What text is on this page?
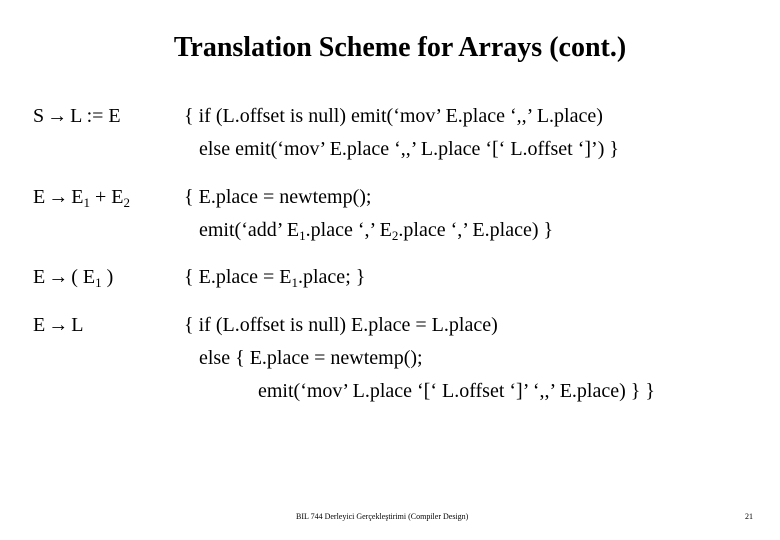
Translation Scheme for Arrays (cont.)
S → L := E	{ if (L.offset is null) emit(‘mov’ E.place ‘,,’ L.place)
else emit(‘mov’ E.place ‘,,’ L.place ‘[‘ L.offset ‘]’) }
$E \to E_1 + E_2$	{ E.place = newtemp();
emit(‘add’ $E_1.place$ ‘,’ $E_2.place$ ‘,’ E.place) }
E → ( $E_1$ )	{ E.place = $E_1.place$; }
E → L	{ if (L.offset is null) E.place = L.place)
else { E.place = newtemp();
emit(‘mov’ L.place ‘[‘ L.offset ‘]’ ‘,,’ E.place) } }
BIL 744 Derleyici Gerçekleştirimi (Compiler Design)	21
